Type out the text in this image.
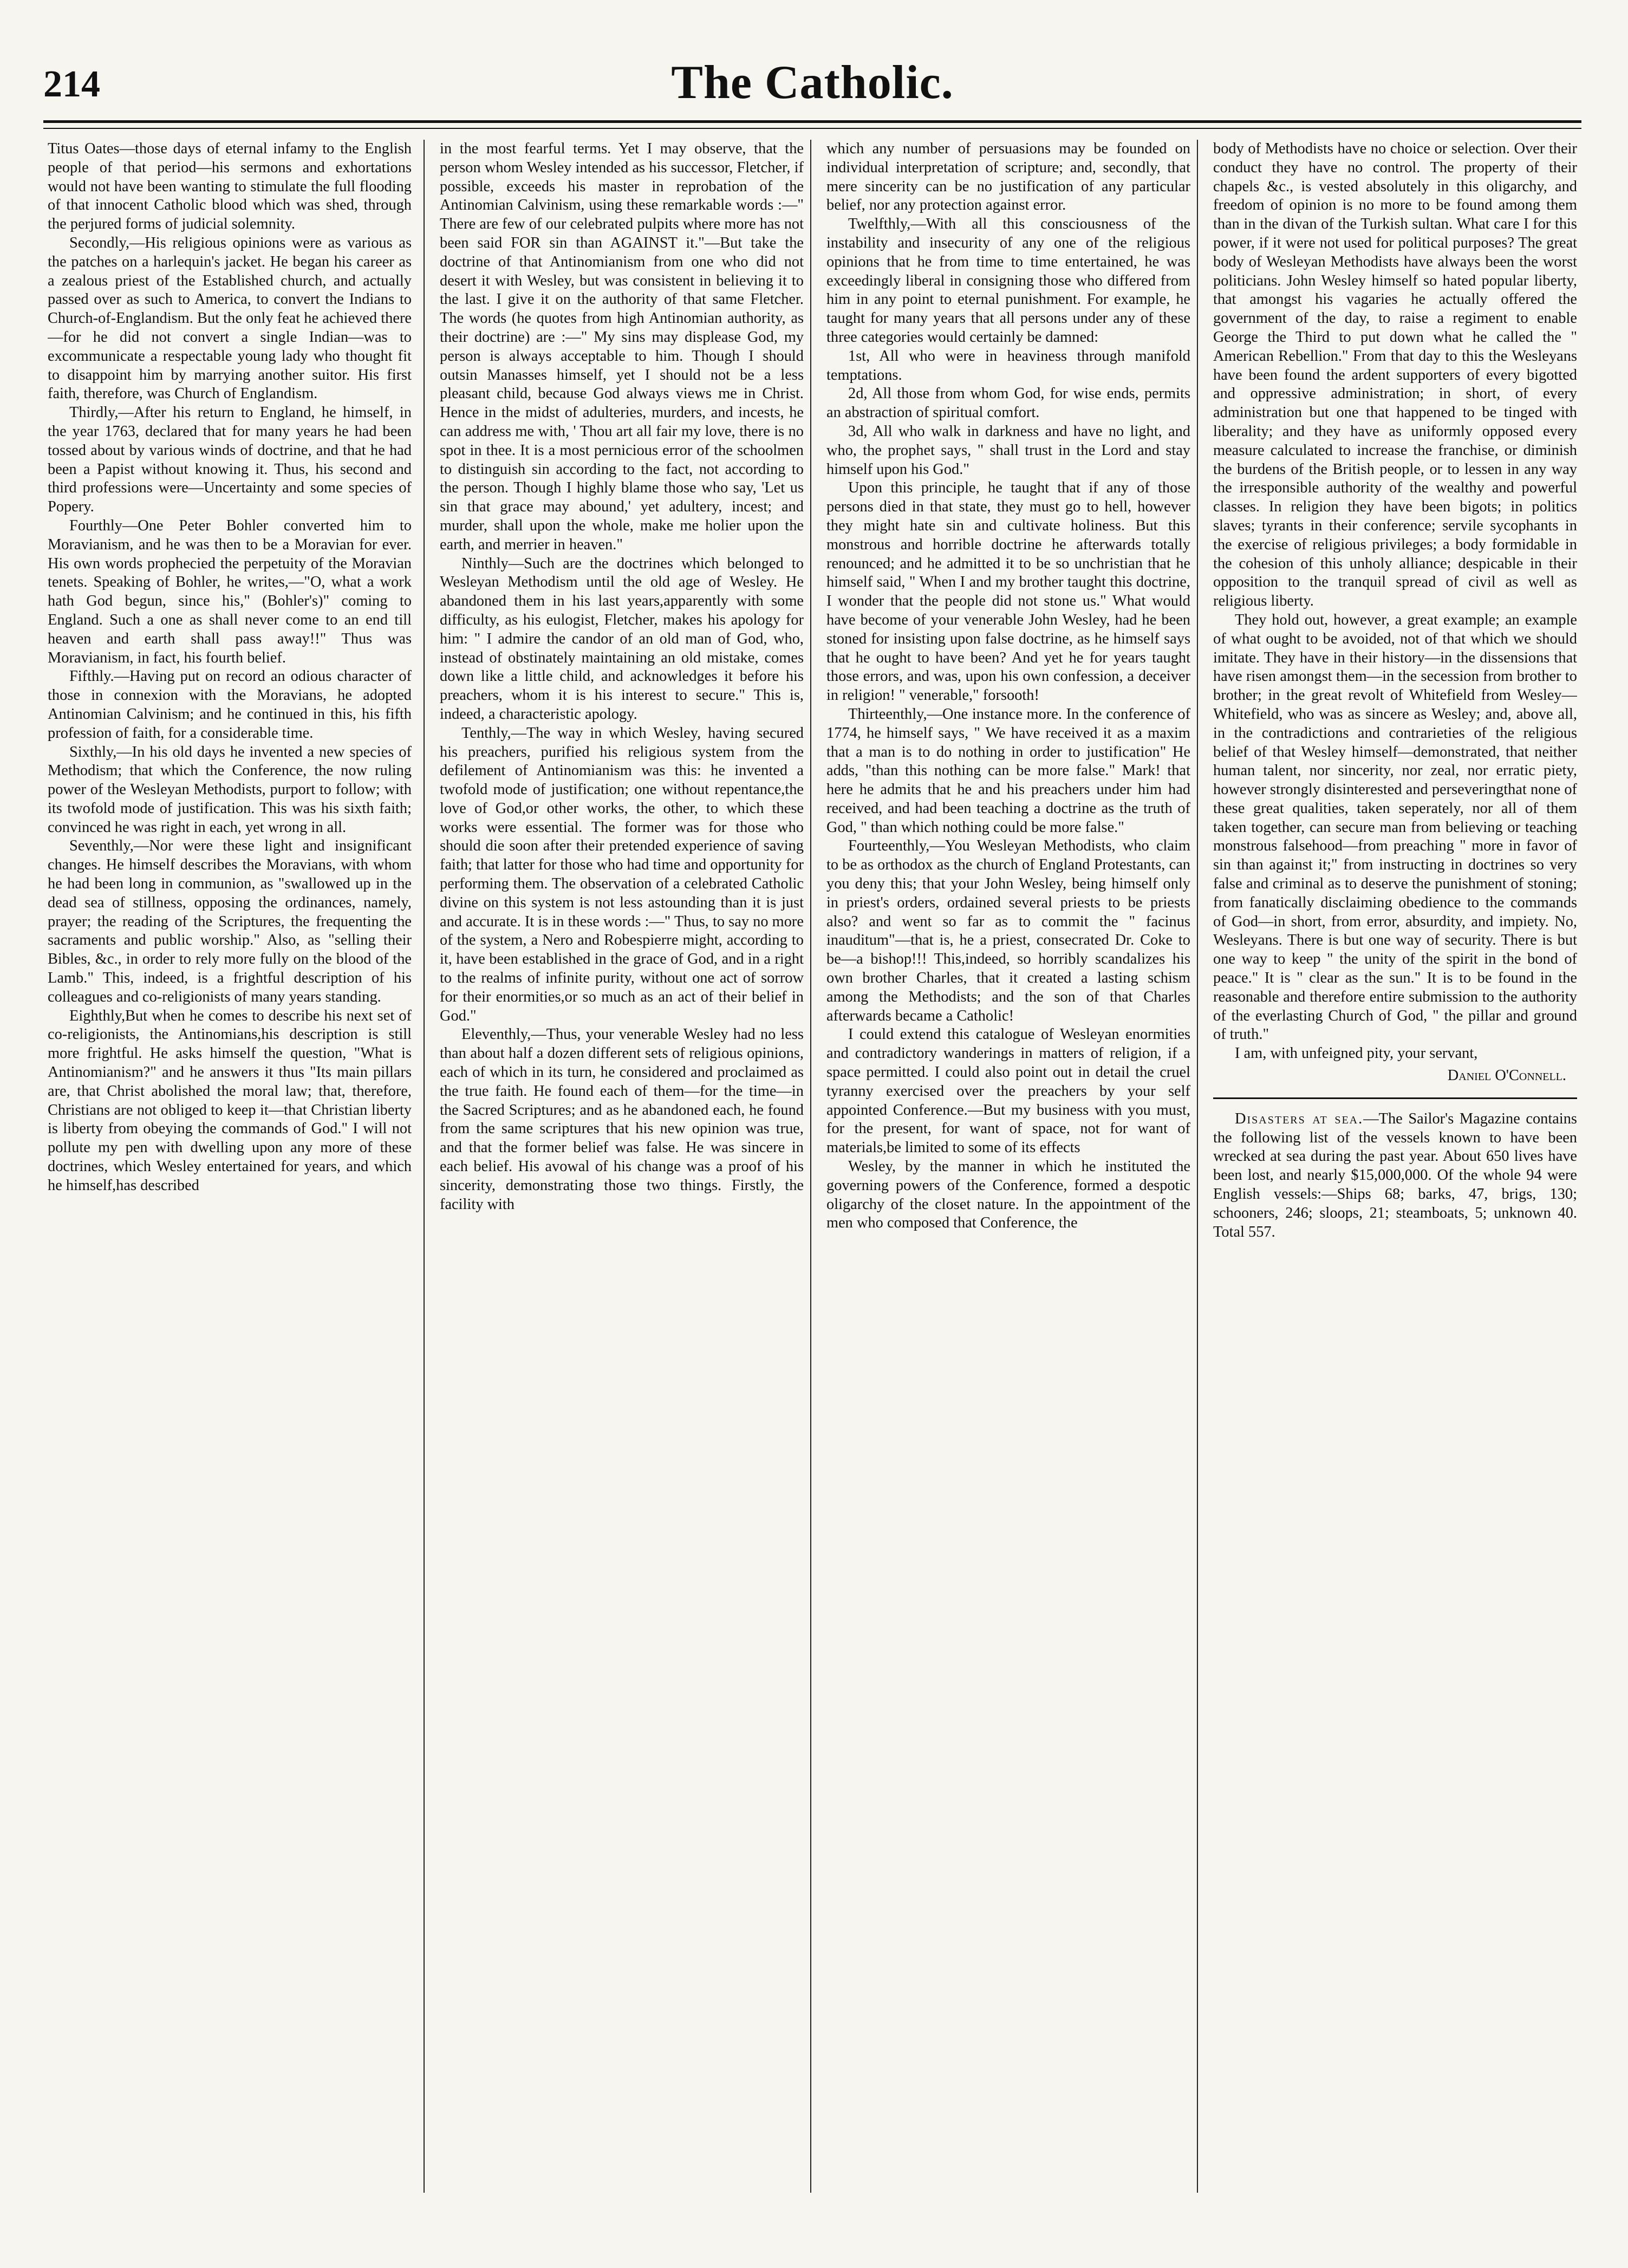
214	The Catholic.

Titus Oates—those days of eternal infamy to the English people of that period—his sermons and exhortations would not have been wanting to stimulate the full flooding of that innocent Catholic blood which was shed, through the perjured forms of judicial solemnity.

Secondly,—His religious opinions were as various as the patches on a harlequin's jacket. He began his career as a zealous priest of the Established church, and actually passed over as such to America, to convert the Indians to Church-of-Englandism. But the only feat he achieved there—for he did not convert a single Indian—was to excommunicate a respectable young lady who thought fit to disappoint him by marrying another suitor. His first faith, therefore, was Church of Englandism.

Thirdly,—After his return to England, he himself, in the year 1763, declared that for many years he had been tossed about by various winds of doctrine, and that he had been a Papist without knowing it. Thus, his second and third professions were—Uncertainty and some species of Popery.

Fourthly—One Peter Bohler converted him to Moravianism, and he was then to be a Moravian for ever. His own words prophecied the perpetuity of the Moravian tenets. Speaking of Bohler, he writes,—"O, what a work hath God begun, since his," (Bohler's)" coming to England. Such a one as shall never come to an end till heaven and earth shall pass away!!" Thus was Moravianism, in fact, his fourth belief.

Fifthly.—Having put on record an odious character of those in connexion with the Moravians, he adopted Antinomian Calvinism; and he continued in this, his fifth profession of faith, for a considerable time.

Sixthly,—In his old days he invented a new species of Methodism; that which the Conference, the now ruling power of the Wesleyan Methodists, purport to follow; with its twofold mode of justification. This was his sixth faith; convinced he was right in each, yet wrong in all.

Seventhly,—Nor were these light and insignificant changes. He himself describes the Moravians, with whom he had been long in communion, as "swallowed up in the dead sea of stillness, opposing the ordinances, namely, prayer; the reading of the Scriptures, the frequenting the sacraments and public worship." Also, as "selling their Bibles, &c., in order to rely more fully on the blood of the Lamb." This, indeed, is a frightful description of his colleagues and co-religionists of many years standing.

Eighthly,But when he comes to describe his next set of co-religionists, the Antinomians,his description is still more frightful. He asks himself the question, "What is Antinomianism?" and he answers it thus "Its main pillars are, that Christ abolished the moral law; that, therefore, Christians are not obliged to keep it—that Christian liberty is liberty from obeying the commands of God." I will not pollute my pen with dwelling upon any more of these doctrines, which Wesley entertained for years, and which he himself,has described

in the most fearful terms. Yet I may observe, that the person whom Wesley intended as his successor, Fletcher, if possible, exceeds his master in reprobation of the Antinomian Calvinism, using these remarkable words :—" There are few of our celebrated pulpits where more has not been said FOR sin than AGAINST it."—But take the doctrine of that Antinomianism from one who did not desert it with Wesley, but was consistent in believing it to the last. I give it on the authority of that same Fletcher. The words (he quotes from high Antinomian authority, as their doctrine) are :—" My sins may displease God, my person is always acceptable to him. Though I should outsin Manasses himself, yet I should not be a less pleasant child, because God always views me in Christ. Hence in the midst of adulteries, murders, and incests, he can address me with, ' Thou art all fair my love, there is no spot in thee. It is a most pernicious error of the schoolmen to distinguish sin according to the fact, not according to the person. Though I highly blame those who say, 'Let us sin that grace may abound,' yet adultery, incest; and murder, shall upon the whole, make me holier upon the earth, and merrier in heaven."

Ninthly—Such are the doctrines which belonged to Wesleyan Methodism until the old age of Wesley. He abandoned them in his last years,apparently with some difficulty, as his eulogist, Fletcher, makes his apology for him: " I admire the candor of an old man of God, who, instead of obstinately maintaining an old mistake, comes down like a little child, and acknowledges it before his preachers, whom it is his interest to secure." This is, indeed, a characteristic apology.

Tenthly,—The way in which Wesley, having secured his preachers, purified his religious system from the defilement of Antinomianism was this: he invented a twofold mode of justification; one without repentance,the love of God,or other works, the other, to which these works were essential. The former was for those who should die soon after their pretended experience of saving faith; that latter for those who had time and opportunity for performing them. The observation of a celebrated Catholic divine on this system is not less astounding than it is just and accurate. It is in these words :—" Thus, to say no more of the system, a Nero and Robespierre might, according to it, have been established in the grace of God, and in a right to the realms of infinite purity, without one act of sorrow for their enormities,or so much as an act of their belief in God."

Eleventhly,—Thus, your venerable Wesley had no less than about half a dozen different sets of religious opinions, each of which in its turn, he considered and proclaimed as the true faith. He found each of them—for the time—in the Sacred Scriptures; and as he abandoned each, he found from the same scriptures that his new opinion was true, and that the former belief was false. He was sincere in each belief. His avowal of his change was a proof of his sincerity, demonstrating those two things. Firstly, the facility with

which any number of persuasions may be founded on individual interpretation of scripture; and, secondly, that mere sincerity can be no justification of any particular belief, nor any protection against error.

Twelfthly,—With all this consciousness of the instability and insecurity of any one of the religious opinions that he from time to time entertained, he was exceedingly liberal in consigning those who differed from him in any point to eternal punishment. For example, he taught for many years that all persons under any of these three categories would certainly be damned:

1st, All who were in heaviness through manifold temptations.

2d, All those from whom God, for wise ends, permits an abstraction of spiritual comfort.

3d, All who walk in darkness and have no light, and who, the prophet says, " shall trust in the Lord and stay himself upon his God."

Upon this principle, he taught that if any of those persons died in that state, they must go to hell, however they might hate sin and cultivate holiness. But this monstrous and horrible doctrine he afterwards totally renounced; and he admitted it to be so unchristian that he himself said, " When I and my brother taught this doctrine, I wonder that the people did not stone us." What would have become of your venerable John Wesley, had he been stoned for insisting upon false doctrine, as he himself says that he ought to have been? And yet he for years taught those errors, and was, upon his own confession, a deceiver in religion! " venerable," forsooth!

Thirteenthly,—One instance more. In the conference of 1774, he himself says, " We have received it as a maxim that a man is to do nothing in order to justification" He adds, "than this nothing can be more false." Mark! that here he admits that he and his preachers under him had received, and had been teaching a doctrine as the truth of God, " than which nothing could be more false."

Fourteenthly,—You Wesleyan Methodists, who claim to be as orthodox as the church of England Protestants, can you deny this; that your John Wesley, being himself only in priest's orders, ordained several priests to be priests also? and went so far as to commit the " facinus inauditum"—that is, he a priest, consecrated Dr. Coke to be—a bishop!!! This,indeed, so horribly scandalizes his own brother Charles, that it created a lasting schism among the Methodists; and the son of that Charles afterwards became a Catholic!

I could extend this catalogue of Wesleyan enormities and contradictory wanderings in matters of religion, if a space permitted. I could also point out in detail the cruel tyranny exercised over the preachers by your self appointed Conference.—But my business with you must, for the present, for want of space, not for want of materials,be limited to some of its effects

Wesley, by the manner in which he instituted the governing powers of the Conference, formed a despotic oligarchy of the closet nature. In the appointment of the men who composed that Conference, the

body of Methodists have no choice or selection. Over their conduct they have no control. The property of their chapels &c., is vested absolutely in this oligarchy, and freedom of opinion is no more to be found among them than in the divan of the Turkish sultan. What care I for this power, if it were not used for political purposes? The great body of Wesleyan Methodists have always been the worst politicians. John Wesley himself so hated popular liberty, that amongst his vagaries he actually offered the government of the day, to raise a regiment to enable George the Third to put down what he called the " American Rebellion." From that day to this the Wesleyans have been found the ardent supporters of every bigotted and oppressive administration; in short, of every administration but one that happened to be tinged with liberality; and they have as uniformly opposed every measure calculated to increase the franchise, or diminish the burdens of the British people, or to lessen in any way the irresponsible authority of the wealthy and powerful classes. In religion they have been bigots; in politics slaves; tyrants in their conference; servile sycophants in the exercise of religious privileges; a body formidable in the cohesion of this unholy alliance; despicable in their opposition to the tranquil spread of civil as well as religious liberty.

They hold out, however, a great example; an example of what ought to be avoided, not of that which we should imitate. They have in their history—in the dissensions that have risen amongst them—in the secession from brother to brother; in the great revolt of Whitefield from Wesley—Whitefield, who was as sincere as Wesley; and, above all, in the contradictions and contrarieties of the religious belief of that Wesley himself—demonstrated, that neither human talent, nor sincerity, nor zeal, nor erratic piety, however strongly disinterested and perseveringthat none of these great qualities, taken seperately, nor all of them taken together, can secure man from believing or teaching monstrous falsehood—from preaching " more in favor of sin than against it;" from instructing in doctrines so very false and criminal as to deserve the punishment of stoning; from fanatically disclaiming obedience to the commands of God—in short, from error, absurdity, and impiety. No, Wesleyans. There is but one way of security. There is but one way to keep " the unity of the spirit in the bond of peace." It is " clear as the sun." It is to be found in the reasonable and therefore entire submission to the authority of the everlasting Church of God, " the pillar and ground of truth."

I am, with unfeigned pity, your servant,

Daniel O'Connell.

Disasters at sea.—The Sailor's Magazine contains the following list of the vessels known to have been wrecked at sea during the past year. About 650 lives have been lost, and nearly $15,000,000. Of the whole 94 were English vessels:—Ships 68; barks, 47, brigs, 130; schooners, 246; sloops, 21; steamboats, 5; unknown 40. Total 557.
